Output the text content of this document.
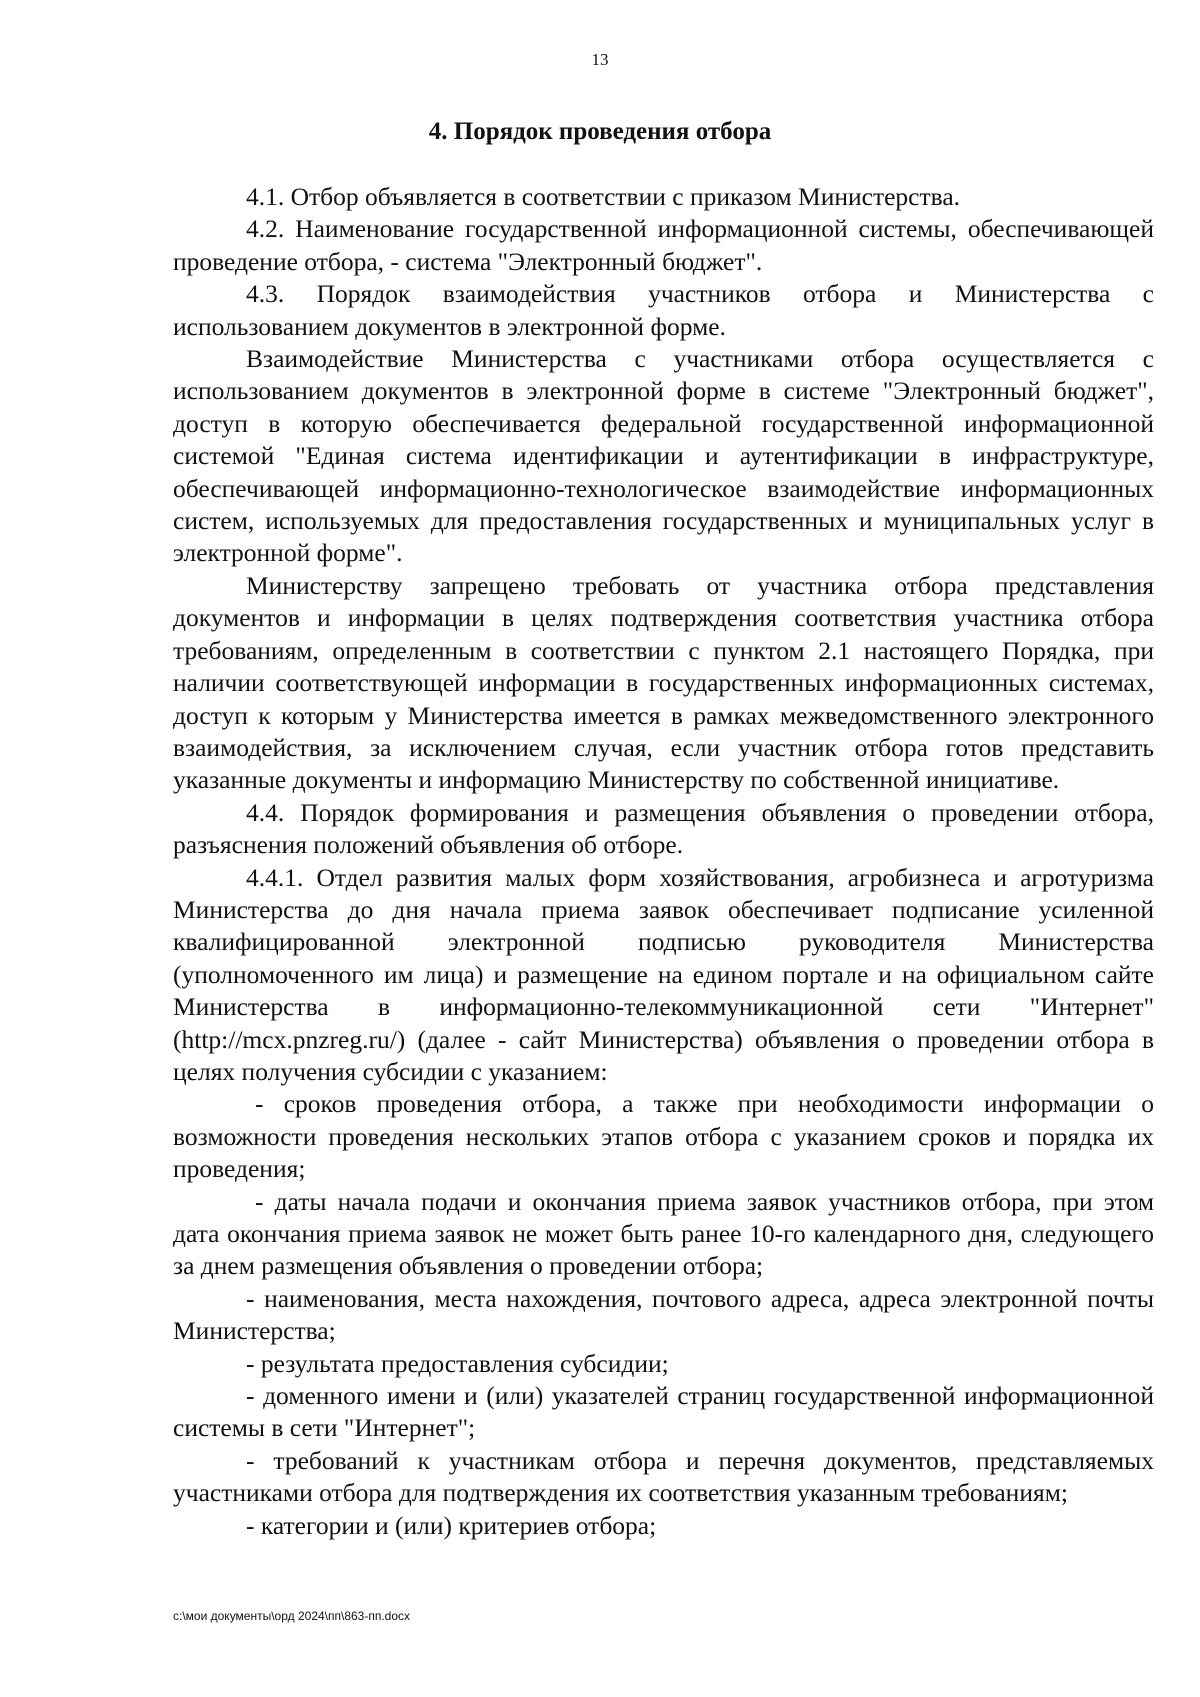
13
4. Порядок проведения отбора

4.1. Отбор объявляется в соответствии с приказом Министерства.

4.2. Наименование государственной информационной системы, обеспечивающей проведение отбора, - система "Электронный бюджет".

4.3. Порядок взаимодействия участников отбора и Министерства с использованием документов в электронной форме.

Взаимодействие Министерства с участниками отбора осуществляется с использованием документов в электронной форме в системе "Электронный бюджет", доступ в которую обеспечивается федеральной государственной информационной системой "Единая система идентификации и аутентификации в инфраструктуре, обеспечивающей информационно-технологическое взаимодействие информационных систем, используемых для предоставления государственных и муниципальных услуг в электронной форме".

Министерству запрещено требовать от участника отбора представления документов и информации в целях подтверждения соответствия участника отбора требованиям, определенным в соответствии с пунктом 2.1 настоящего Порядка, при наличии соответствующей информации в государственных информационных системах, доступ к которым у Министерства имеется в рамках межведомственного электронного взаимодействия, за исключением случая, если участник отбора готов представить указанные документы и информацию Министерству по собственной инициативе.

4.4. Порядок формирования и размещения объявления о проведении отбора, разъяснения положений объявления об отборе.

4.4.1. Отдел развития малых форм хозяйствования, агробизнеса и агротуризма Министерства до дня начала приема заявок обеспечивает подписание усиленной квалифицированной электронной подписью руководителя Министерства (уполномоченного им лица) и размещение на едином портале и на официальном сайте Министерства в информационно-телекоммуникационной сети "Интернет" (http://mcx.pnzreg.ru/) (далее - сайт Министерства) объявления о проведении отбора в целях получения субсидии с указанием:

- сроков проведения отбора, а также при необходимости информации о возможности проведения нескольких этапов отбора с указанием сроков и порядка их проведения;

- даты начала подачи и окончания приема заявок участников отбора, при этом дата окончания приема заявок не может быть ранее 10-го календарного дня, следующего за днем размещения объявления о проведении отбора;

- наименования, места нахождения, почтового адреса, адреса электронной почты Министерства;

- результата предоставления субсидии;

- доменного имени и (или) указателей страниц государственной информационной системы в сети "Интернет";

- требований к участникам отбора и перечня документов, представляемых участниками отбора для подтверждения их соответствия указанным требованиям;

- категории и (или) критериев отбора;

c:\мои документы\орд 2024\пп\863-пп.docx
